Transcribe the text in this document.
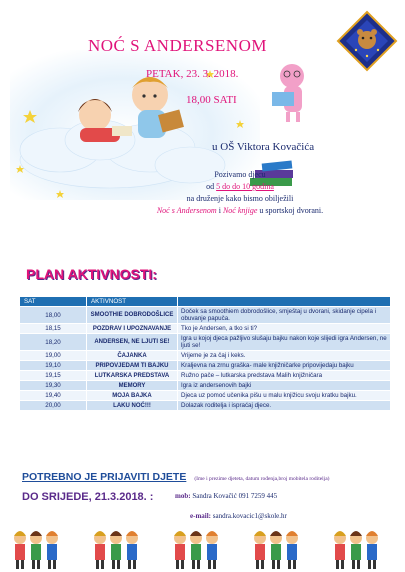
NOĆ S ANDERSENOM
PETAK, 23. 3. 2018.
18,00 SATI
u OŠ Viktora Kovačića
Pozivamo djecu
od 5 do do 10 godina
na druženje kako bismo obilježili
Noć s Andersenom i Noć knjige u sportskoj dvorani.
PLAN AKTIVNOSTI:
SAT	AKTIVNOST	
18,00	SMOOTHIE DOBRODOŠLICE	Doček sa smoothiem dobrodošlice, smještaj u dvorani, skidanje cipela i obuvanje papuča.
18,15	POZDRAV I UPOZNAVANJE	Tko je Andersen, a tko si ti?
18,20	ANDERSEN, NE LJUTI SE!	Igra u kojoj djeca pažljivo slušaju bajku nakon koje slijedi igra Andersen, ne ljuti se!
19,00	ČAJANKA	Vrijeme je za čaj i keks.
19,10	PRIPOVJEDAM TI BAJKU	Kraljevna na zrnu graška- male knjižničarke pripovijedaju bajku
19,15	LUTKARSKA PREDSTAVA	Ružno pače – lutkarska predstava Malih knjižničara
19,30	MEMORY	Igra iz andersenovih bajki
19,40	MOJA BAJKA	Djeca uz pomoć učenika pišu u malu knjižicu svoju kratku bajku.
20,00	LAKU NOĆ!!!	Dolazak roditelja i ispraćaj djece.
POTREBNO JE PRIJAVITI DJETE (Ime i prezime djeteta, datum rođenja,broj mobitela roditelja)
DO SRIJEDE, 21.3.2018. :	mob: Sandra Kovačić 091 7259 445
e-mail: sandra.kovacic1@skole.hr
